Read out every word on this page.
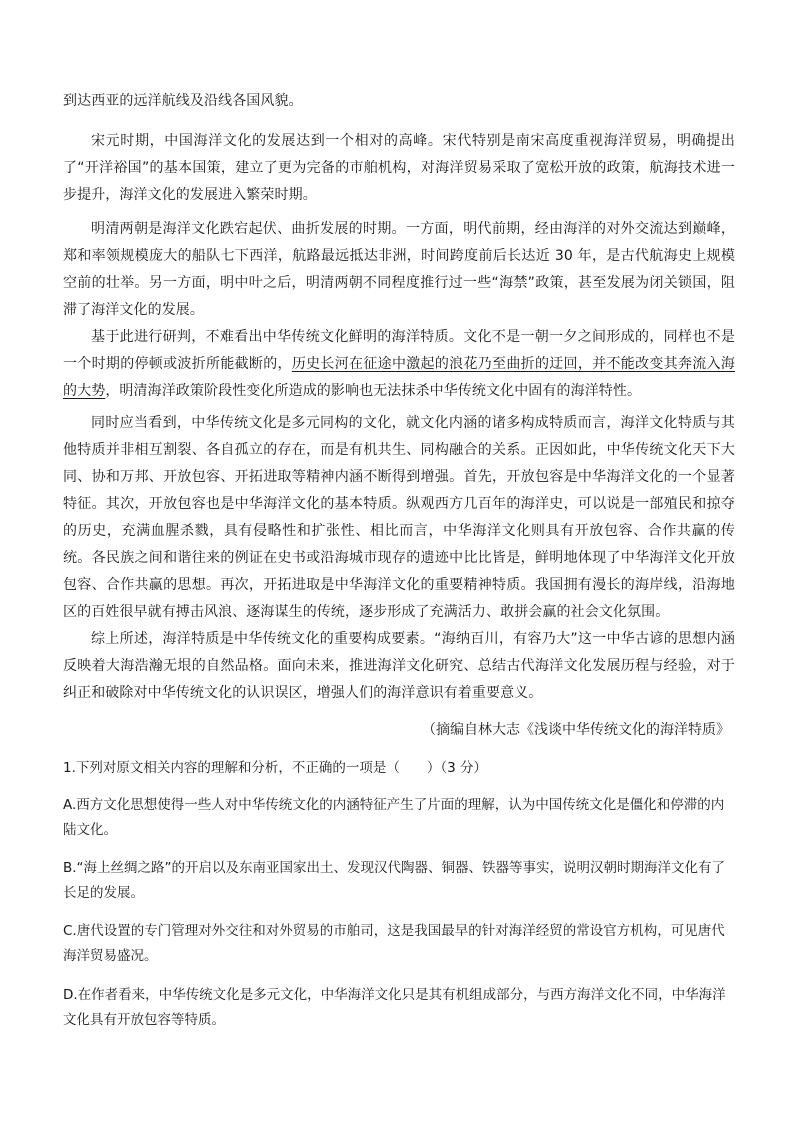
到达西亚的远洋航线及沿线各国风貌。

宋元时期，中国海洋文化的发展达到一个相对的高峰。宋代特别是南宋高度重视海洋贸易，明确提出了“开洋裕国”的基本国策，建立了更为完备的市舶机构，对海洋贸易采取了宽松开放的政策，航海技术进一步提升，海洋文化的发展进入繁荣时期。

明清两朝是海洋文化跌宕起伏、曲折发展的时期。一方面，明代前期，经由海洋的对外交流达到巅峰，郑和率领规模庞大的船队七下西洋，航路最远抵达非洲，时间跨度前后长达近 30 年，是古代航海史上规模空前的壮举。另一方面，明中叶之后，明清两朝不同程度推行过一些“海禁”政策，甚至发展为闭关锁国，阻滞了海洋文化的发展。

基于此进行研判，不难看出中华传统文化鲜明的海洋特质。文化不是一朝一夕之间形成的，同样也不是一个时期的停顿或波折所能截断的，历史长河在征途中激起的浪花乃至曲折的迂回，并不能改变其奔流入海的大势，明清海洋政策阶段性变化所造成的影响也无法抹杀中华传统文化中固有的海洋特性。

同时应当看到，中华传统文化是多元同构的文化，就文化内涵的诸多构成特质而言，海洋文化特质与其他特质并非相互割裂、各自孤立的存在，而是有机共生、同构融合的关系。正因如此，中华传统文化天下大同、协和万邦、开放包容、开拓进取等精神内涵不断得到增强。首先，开放包容是中华海洋文化的一个显著特征。其次，开放包容也是中华海洋文化的基本特质。纵观西方几百年的海洋史，可以说是一部殖民和掠夺的历史，充满血腥杀戮，具有侵略性和扩张性、相比而言，中华海洋文化则具有开放包容、合作共赢的传统。各民族之间和谐往来的例证在史书或沿海城市现存的遗迹中比比皆是，鲜明地体现了中华海洋文化开放包容、合作共赢的思想。再次，开拓进取是中华海洋文化的重要精神特质。我国拥有漫长的海岸线，沿海地区的百姓很早就有搏击风浪、逐海谋生的传统，逐步形成了充满活力、敢拼会赢的社会文化氛围。

综上所述，海洋特质是中华传统文化的重要构成要素。“海纳百川，有容乃大”这一中华古谚的思想内涵反映着大海浩瀚无垠的自然品格。面向未来，推进海洋文化研究、总结古代海洋文化发展历程与经验，对于纠正和破除对中华传统文化的认识误区，增强人们的海洋意识有着重要意义。

（摘编自林大志《浅谈中华传统文化的海洋特质》

1.下列对原文相关内容的理解和分析，不正确的一项是（　　）（3 分）

A.西方文化思想使得一些人对中华传统文化的内涵特征产生了片面的理解，认为中国传统文化是僵化和停滞的内陆文化。

B.“海上丝绸之路”的开启以及东南亚国家出土、发现汉代陶器、铜器、铁器等事实，说明汉朝时期海洋文化有了长足的发展。

C.唐代设置的专门管理对外交往和对外贸易的市舶司，这是我国最早的针对海洋经贸的常设官方机构，可见唐代海洋贸易盛况。

D.在作者看来，中华传统文化是多元文化，中华海洋文化只是其有机组成部分，与西方海洋文化不同，中华海洋文化具有开放包容等特质。
